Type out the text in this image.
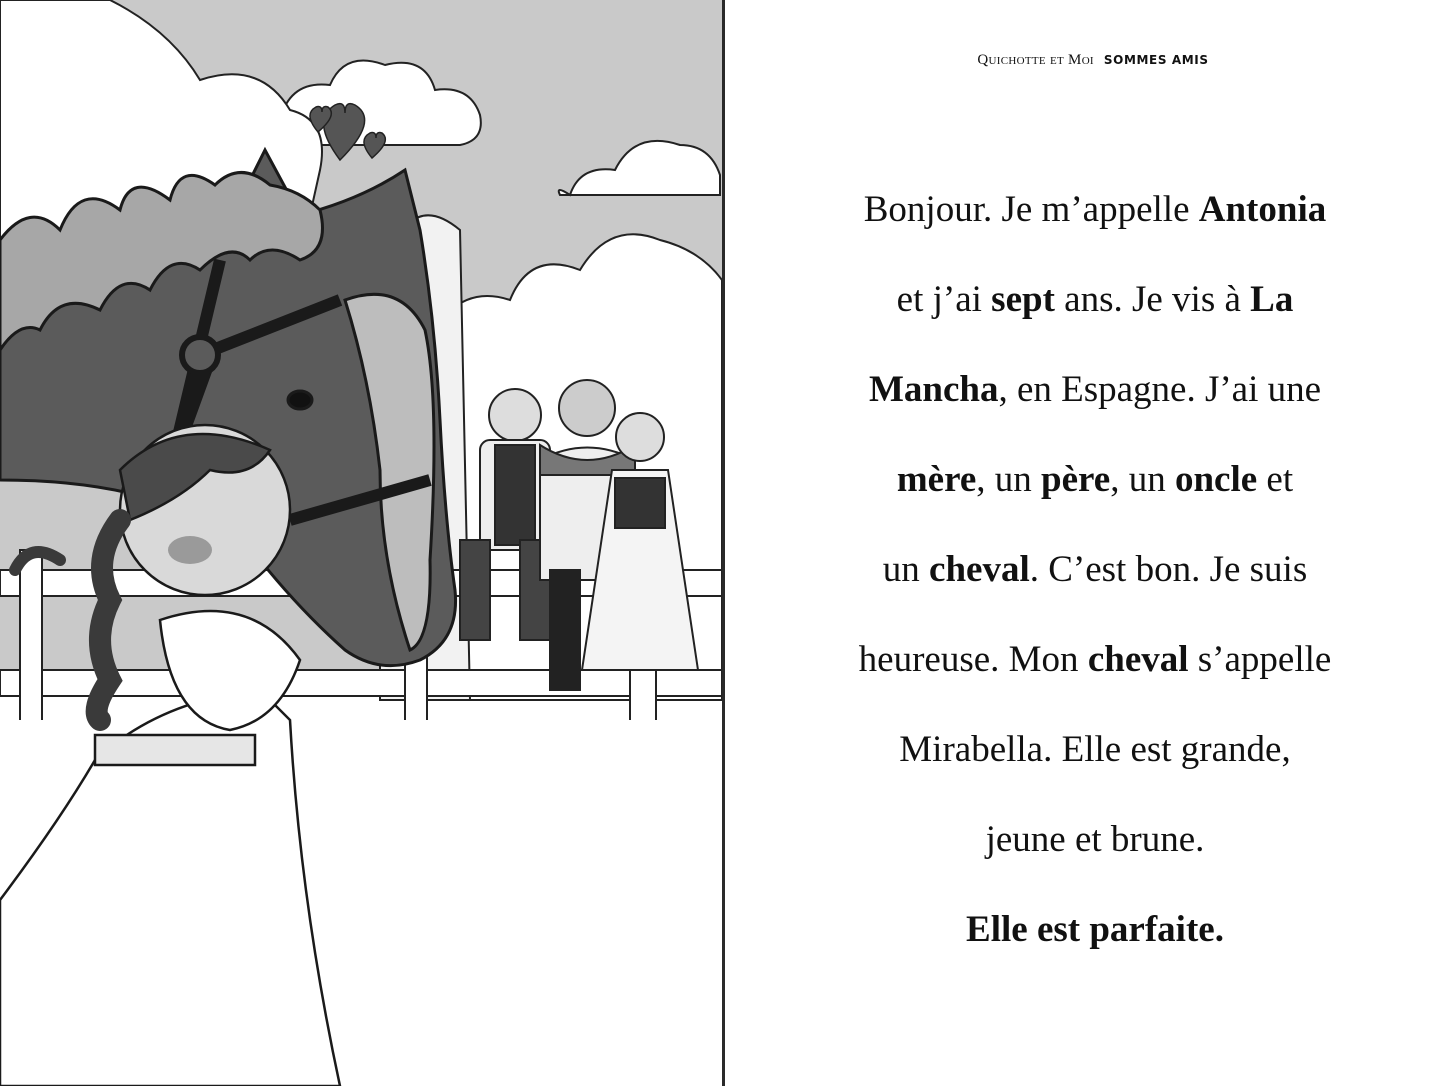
Quichotte et Moi SOMMES AMIS
Bonjour. Je m’appelle Antonia
et j’ai sept ans. Je vis à La
Mancha, en Espagne. J’ai une
mère, un père, un oncle et
un cheval. C’est bon. Je suis
heureuse. Mon cheval s’appelle
Mirabella. Elle est grande,
jeune et brune.
Elle est parfaite.
